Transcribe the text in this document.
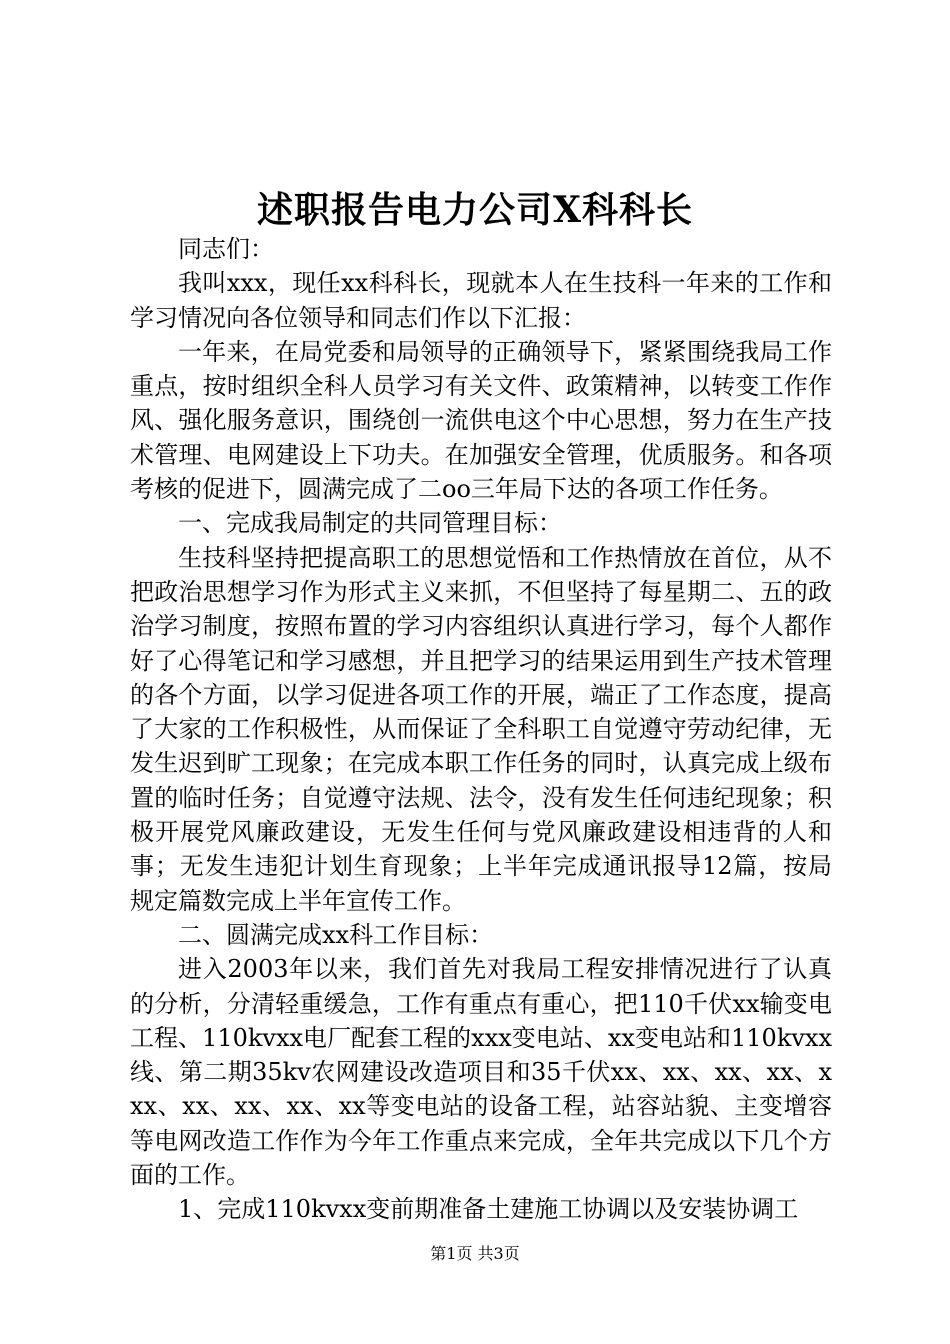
述职报告电力公司X科科长

同志们：

我叫xxx，现任xx科科长，现就本人在生技科一年来的工作和学习情况向各位领导和同志们作以下汇报：

一年来，在局党委和局领导的正确领导下，紧紧围绕我局工作重点，按时组织全科人员学习有关文件、政策精神，以转变工作作风、强化服务意识，围绕创一流供电这个中心思想，努力在生产技术管理、电网建设上下功夫。在加强安全管理，优质服务。和各项考核的促进下，圆满完成了二oo三年局下达的各项工作任务。

一、完成我局制定的共同管理目标：

生技科坚持把提高职工的思想觉悟和工作热情放在首位，从不把政治思想学习作为形式主义来抓，不但坚持了每星期二、五的政治学习制度，按照布置的学习内容组织认真进行学习，每个人都作好了心得笔记和学习感想，并且把学习的结果运用到生产技术管理的各个方面，以学习促进各项工作的开展，端正了工作态度，提高了大家的工作积极性，从而保证了全科职工自觉遵守劳动纪律，无发生迟到旷工现象；在完成本职工作任务的同时，认真完成上级布置的临时任务；自觉遵守法规、法令，没有发生任何违纪现象；积极开展党风廉政建设，无发生任何与党风廉政建设相违背的人和事；无发生违犯计划生育现象；上半年完成通讯报导12篇，按局规定篇数完成上半年宣传工作。

二、圆满完成xx科工作目标：

进入2003年以来，我们首先对我局工程安排情况进行了认真的分析，分清轻重缓急，工作有重点有重心，把110千伏xx输变电工程、110kvxx电厂配套工程的xxx变电站、xx变电站和110kvxx线、第二期35kv农网建设改造项目和35千伏xx、xx、xx、xx、xxx、xx、xx、xx、xx等变电站的设备工程，站容站貌、主变增容等电网改造工作作为今年工作重点来完成，全年共完成以下几个方面的工作。

1、完成110kvxx变前期准备土建施工协调以及安装协调工

第1页 共3页
